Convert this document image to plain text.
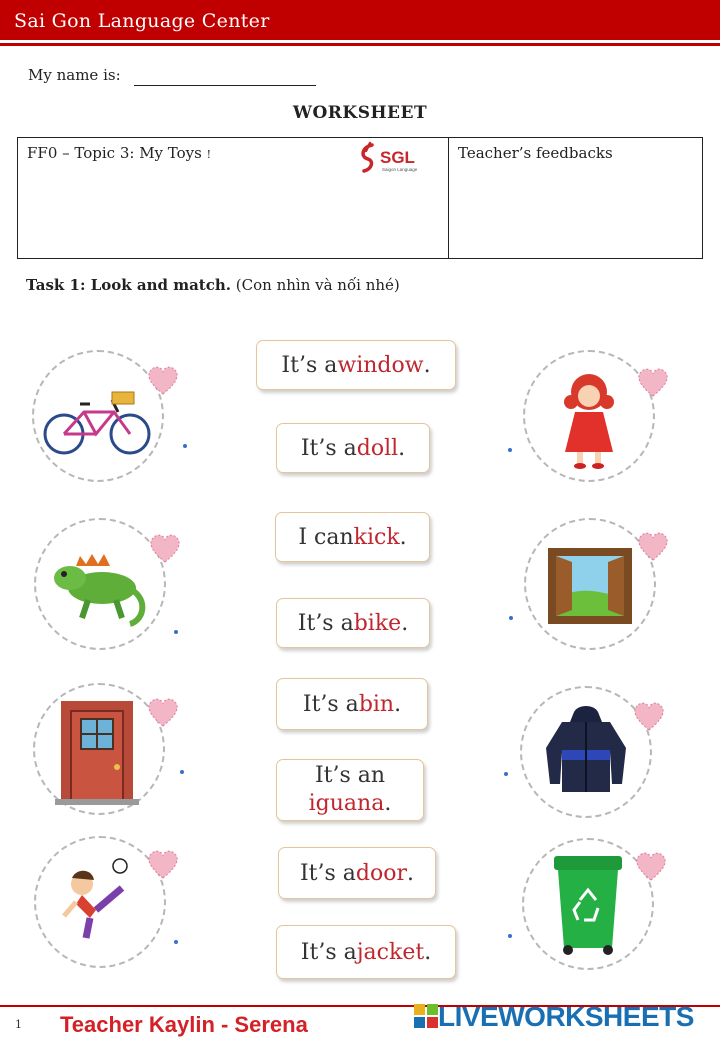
Sai Gon Language Center
My name is:
WORKSHEET
FF0 – Topic 3: My Toys !	SGL
Saigon Language
Teacher’s feedbacks
Task 1: Look and match. (Con nhìn và nối nhé)
It’s a window .
It’s a doll .
I can kick .
It’s a bike .
It’s a bin .
It’s an
iguana.
It’s a door .
It’s a jacket .
1 Teacher Kaylin - Serena	LIVEWORKSHEETS
